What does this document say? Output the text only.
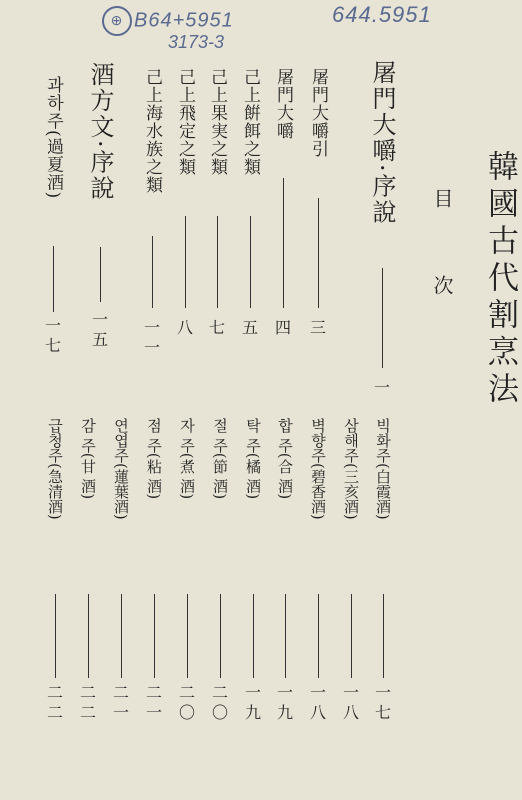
⊕ B64+5951
3173-3
644.5951
韓國古代割烹法
目
次
屠門大嚼·序說
一
屠門大嚼引
三
屠門大嚼
四
己上餠餌之類
五
己上果実之類
七
己上飛定之類
八
己上海水族之類
一一
酒方文·序說
一五
과하주(過夏酒)
一七
빅화주(白霞酒)
一七
삼해주(三亥酒)
一八
벽향주(碧香酒)
一八
합 주(合 酒)
一九
탁 주(橘 酒)
一九
절 주(節 酒)
二〇
자 주(煮 酒)
二〇
점 주(粘 酒)
二一
연엽주(蓮葉酒)
二一
감 주(甘 酒)
二二
급청주(急清酒)
二二
